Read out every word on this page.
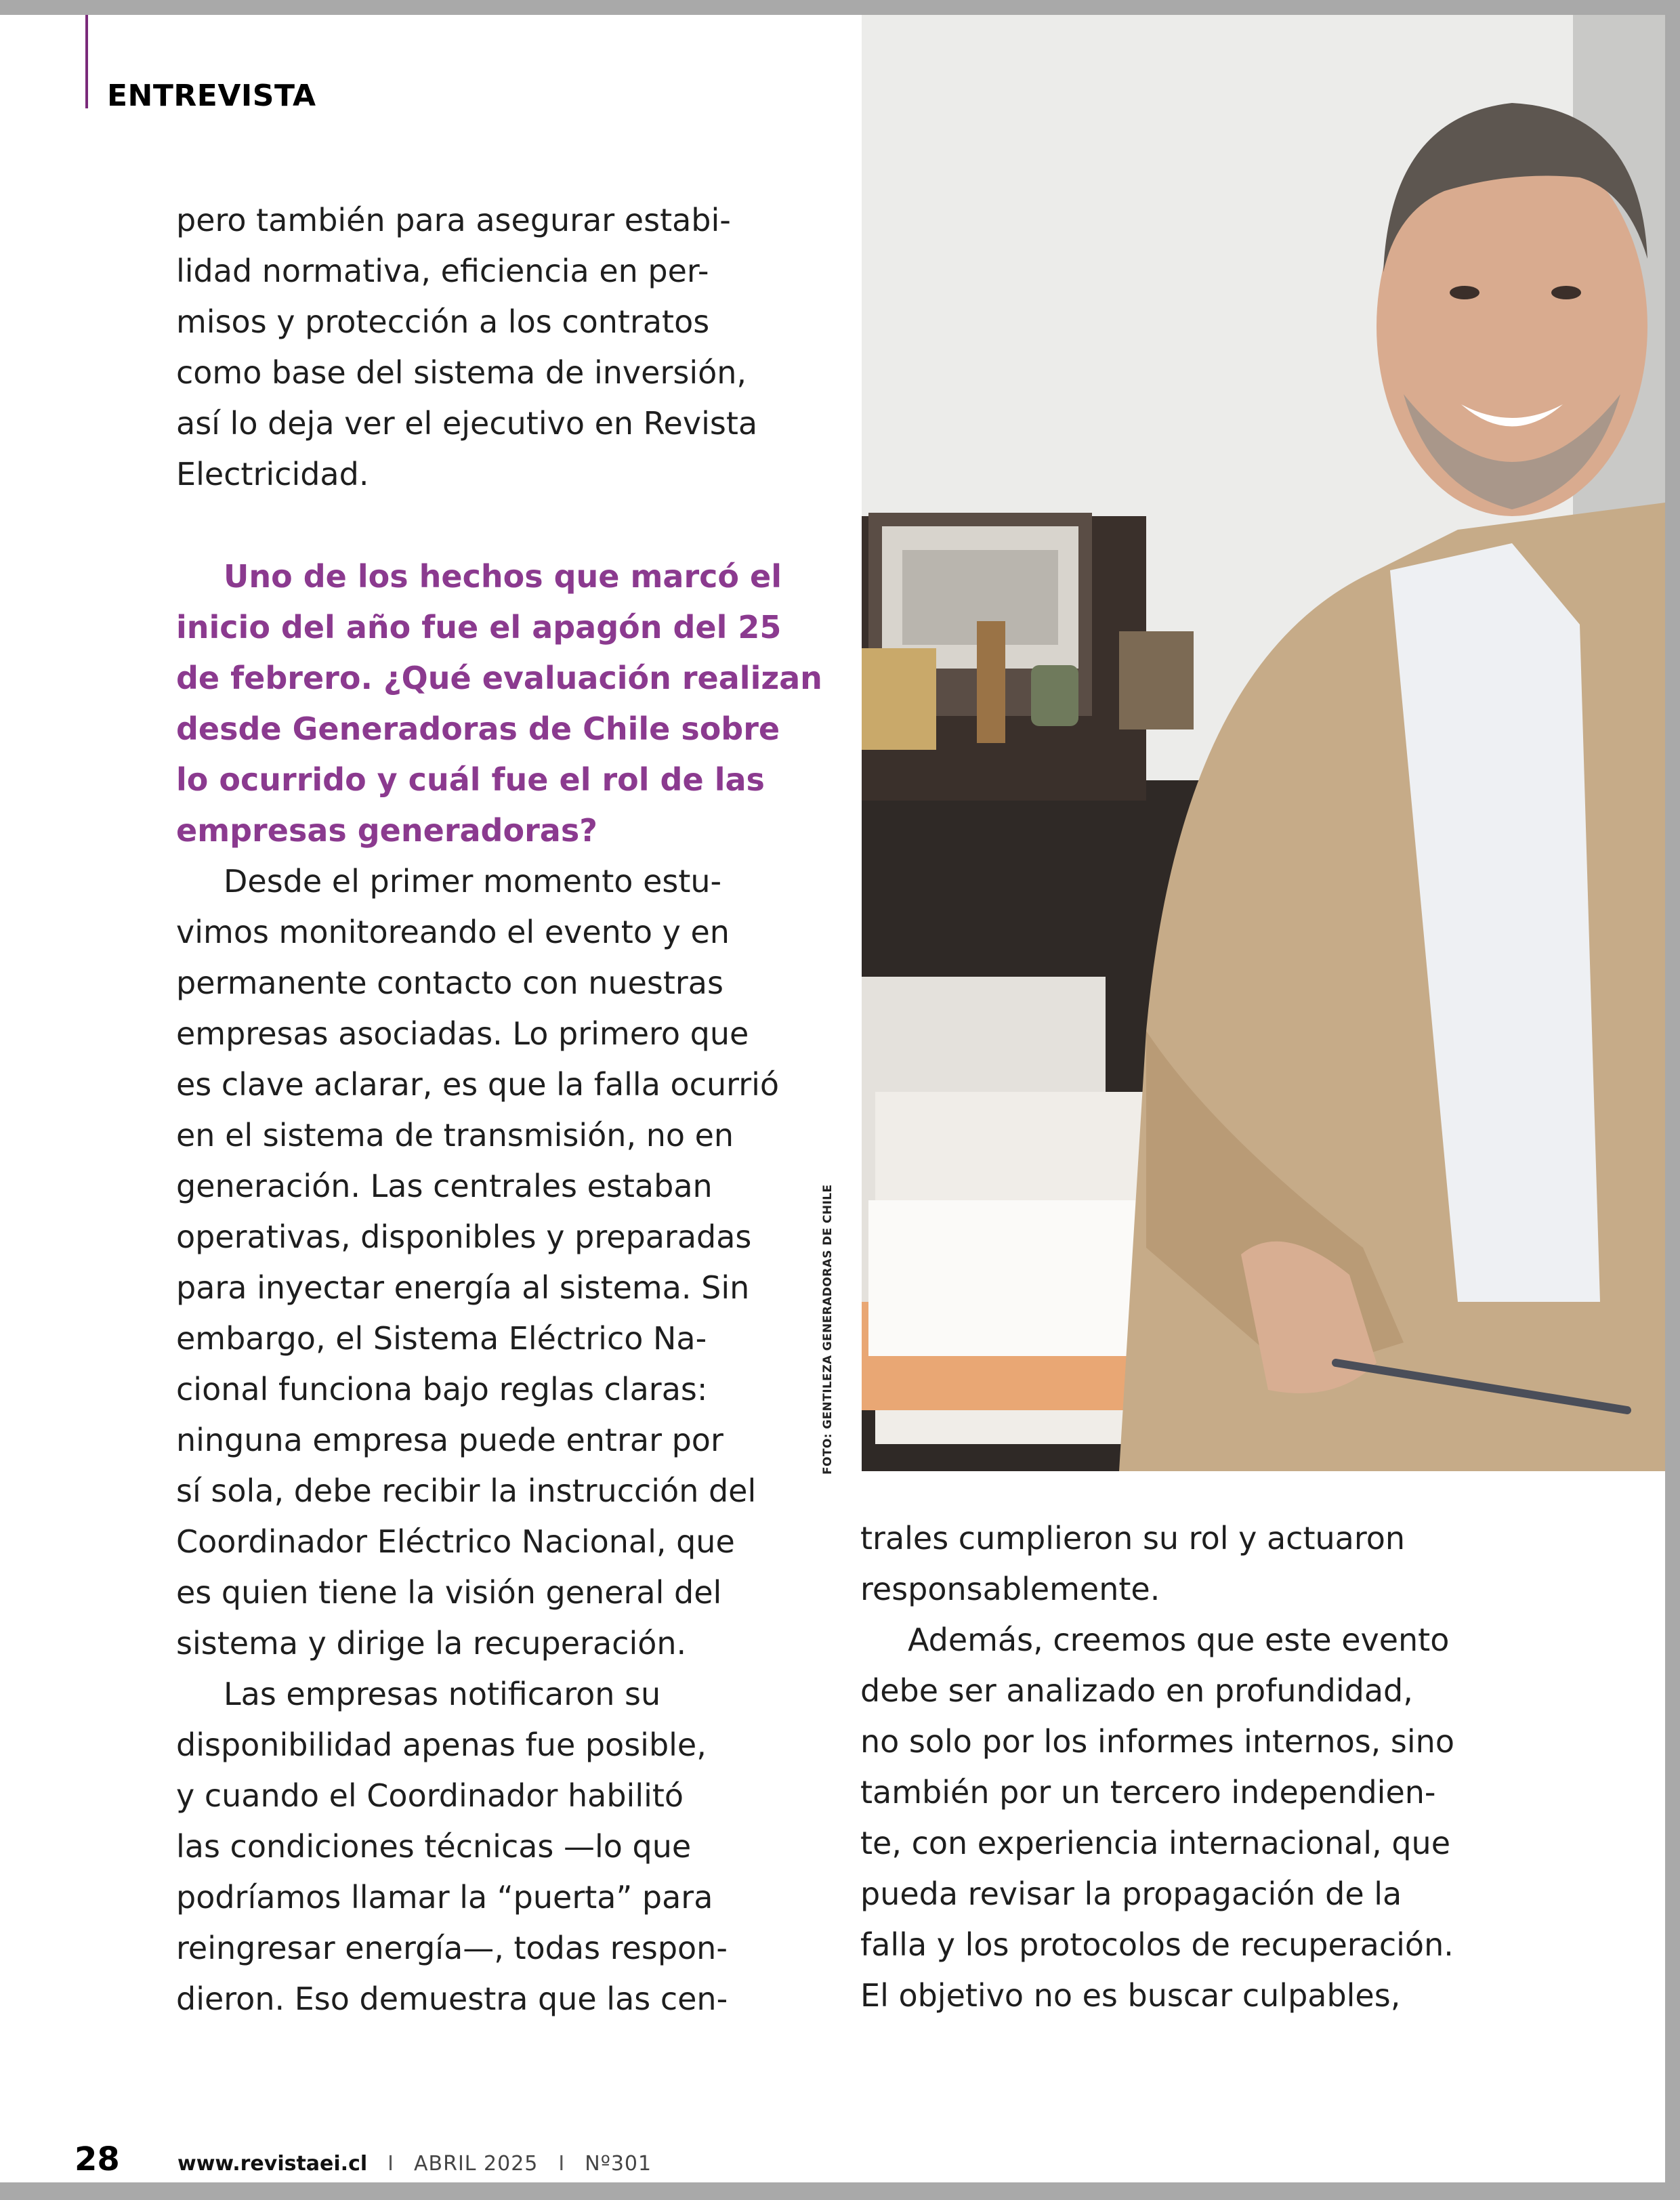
ENTREVISTA
pero también para asegurar estabi-
lidad normativa, eficiencia en per-
misos y protección a los contratos
como base del sistema de inversión,
así lo deja ver el ejecutivo en Revista
Electricidad.
Uno de los hechos que marcó el
inicio del año fue el apagón del 25
de febrero. ¿Qué evaluación realizan
desde Generadoras de Chile sobre
lo ocurrido y cuál fue el rol de las
empresas generadoras?
Desde el primer momento estu-
vimos monitoreando el evento y en
permanente contacto con nuestras
empresas asociadas. Lo primero que
es clave aclarar, es que la falla ocurrió
en el sistema de transmisión, no en
generación. Las centrales estaban
operativas, disponibles y preparadas
para inyectar energía al sistema. Sin
embargo, el Sistema Eléctrico Na-
cional funciona bajo reglas claras:
ninguna empresa puede entrar por
sí sola, debe recibir la instrucción del
Coordinador Eléctrico Nacional, que
es quien tiene la visión general del
sistema y dirige la recuperación.
Las empresas notificaron su
disponibilidad apenas fue posible,
y cuando el Coordinador habilitó
las condiciones técnicas —lo que
podríamos llamar la “puerta” para
reingresar energía—, todas respon-
dieron. Eso demuestra que las cen-
FOTO: GENTILEZA GENERADORAS DE CHILE
trales cumplieron su rol y actuaron
responsablemente.
Además, creemos que este evento
debe ser analizado en profundidad,
no solo por los informes internos, sino
también por un tercero independien-
te, con experiencia internacional, que
pueda revisar la propagación de la
falla y los protocolos de recuperación.
El objetivo no es buscar culpables,
28	www.revistaei.cl I ABRIL 2025 I Nº301
